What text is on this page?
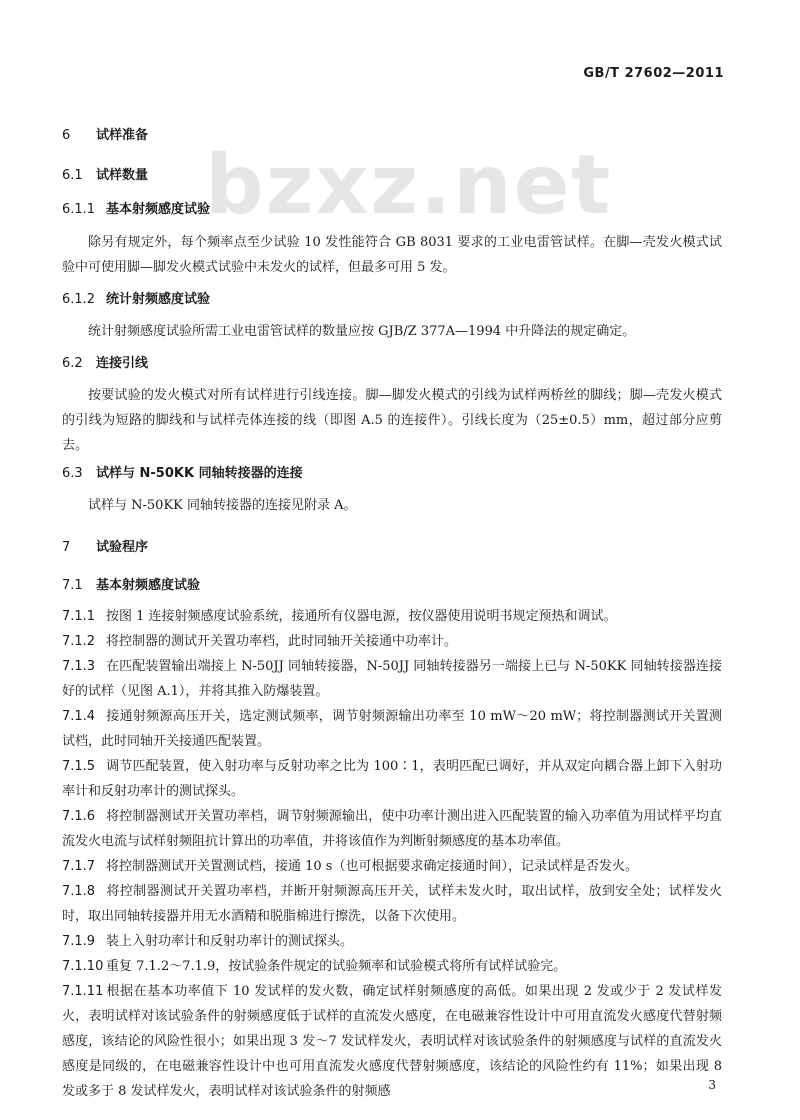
GB/T 27602—2011
bzxz.net
6 试样准备
6.1 试样数量
6.1.1 基本射频感度试验
除另有规定外，每个频率点至少试验 10 发性能符合 GB 8031 要求的工业电雷管试样。在脚—壳发火模式试验中可使用脚—脚发火模式试验中未发火的试样，但最多可用 5 发。
6.1.2 统计射频感度试验
统计射频感度试验所需工业电雷管试样的数量应按 GJB/Z 377A—1994 中升降法的规定确定。
6.2 连接引线
按要试验的发火模式对所有试样进行引线连接。脚—脚发火模式的引线为试样两桥丝的脚线；脚—壳发火模式的引线为短路的脚线和与试样壳体连接的线（即图 A.5 的连接件）。引线长度为（25±0.5）mm，超过部分应剪去。
6.3 试样与 N-50KK 同轴转接器的连接
试样与 N-50KK 同轴转接器的连接见附录 A。
7 试验程序
7.1 基本射频感度试验
7.1.1 按图 1 连接射频感度试验系统，接通所有仪器电源，按仪器使用说明书规定预热和调试。
7.1.2 将控制器的测试开关置功率档，此时同轴开关接通中功率计。
7.1.3 在匹配装置输出端接上 N-50JJ 同轴转接器，N-50JJ 同轴转接器另一端接上已与 N-50KK 同轴转接器连接好的试样（见图 A.1），并将其推入防爆装置。
7.1.4 接通射频源高压开关，选定测试频率，调节射频源输出功率至 10 mW～20 mW；将控制器测试开关置测试档，此时同轴开关接通匹配装置。
7.1.5 调节匹配装置，使入射功率与反射功率之比为 100∶1，表明匹配已调好，并从双定向耦合器上卸下入射功率计和反射功率计的测试探头。
7.1.6 将控制器测试开关置功率档，调节射频源输出，使中功率计测出进入匹配装置的输入功率值为用试样平均直流发火电流与试样射频阻抗计算出的功率值，并将该值作为判断射频感度的基本功率值。
7.1.7 将控制器测试开关置测试档，接通 10 s（也可根据要求确定接通时间），记录试样是否发火。
7.1.8 将控制器测试开关置功率档，并断开射频源高压开关，试样未发火时，取出试样，放到安全处；试样发火时，取出同轴转接器并用无水酒精和脱脂棉进行擦洗，以备下次使用。
7.1.9 装上入射功率计和反射功率计的测试探头。
7.1.10 重复 7.1.2～7.1.9，按试验条件规定的试验频率和试验模式将所有试样试验完。
7.1.11 根据在基本功率值下 10 发试样的发火数，确定试样射频感度的高低。如果出现 2 发或少于 2 发试样发火，表明试样对该试验条件的射频感度低于试样的直流发火感度，在电磁兼容性设计中可用直流发火感度代替射频感度，该结论的风险性很小；如果出现 3 发～7 发试样发火，表明试样对该试验条件的射频感度与试样的直流发火感度是同级的，在电磁兼容性设计中也可用直流发火感度代替射频感度，该结论的风险性约有 11%；如果出现 8 发或多于 8 发试样发火，表明试样对该试验条件的射频感	3
